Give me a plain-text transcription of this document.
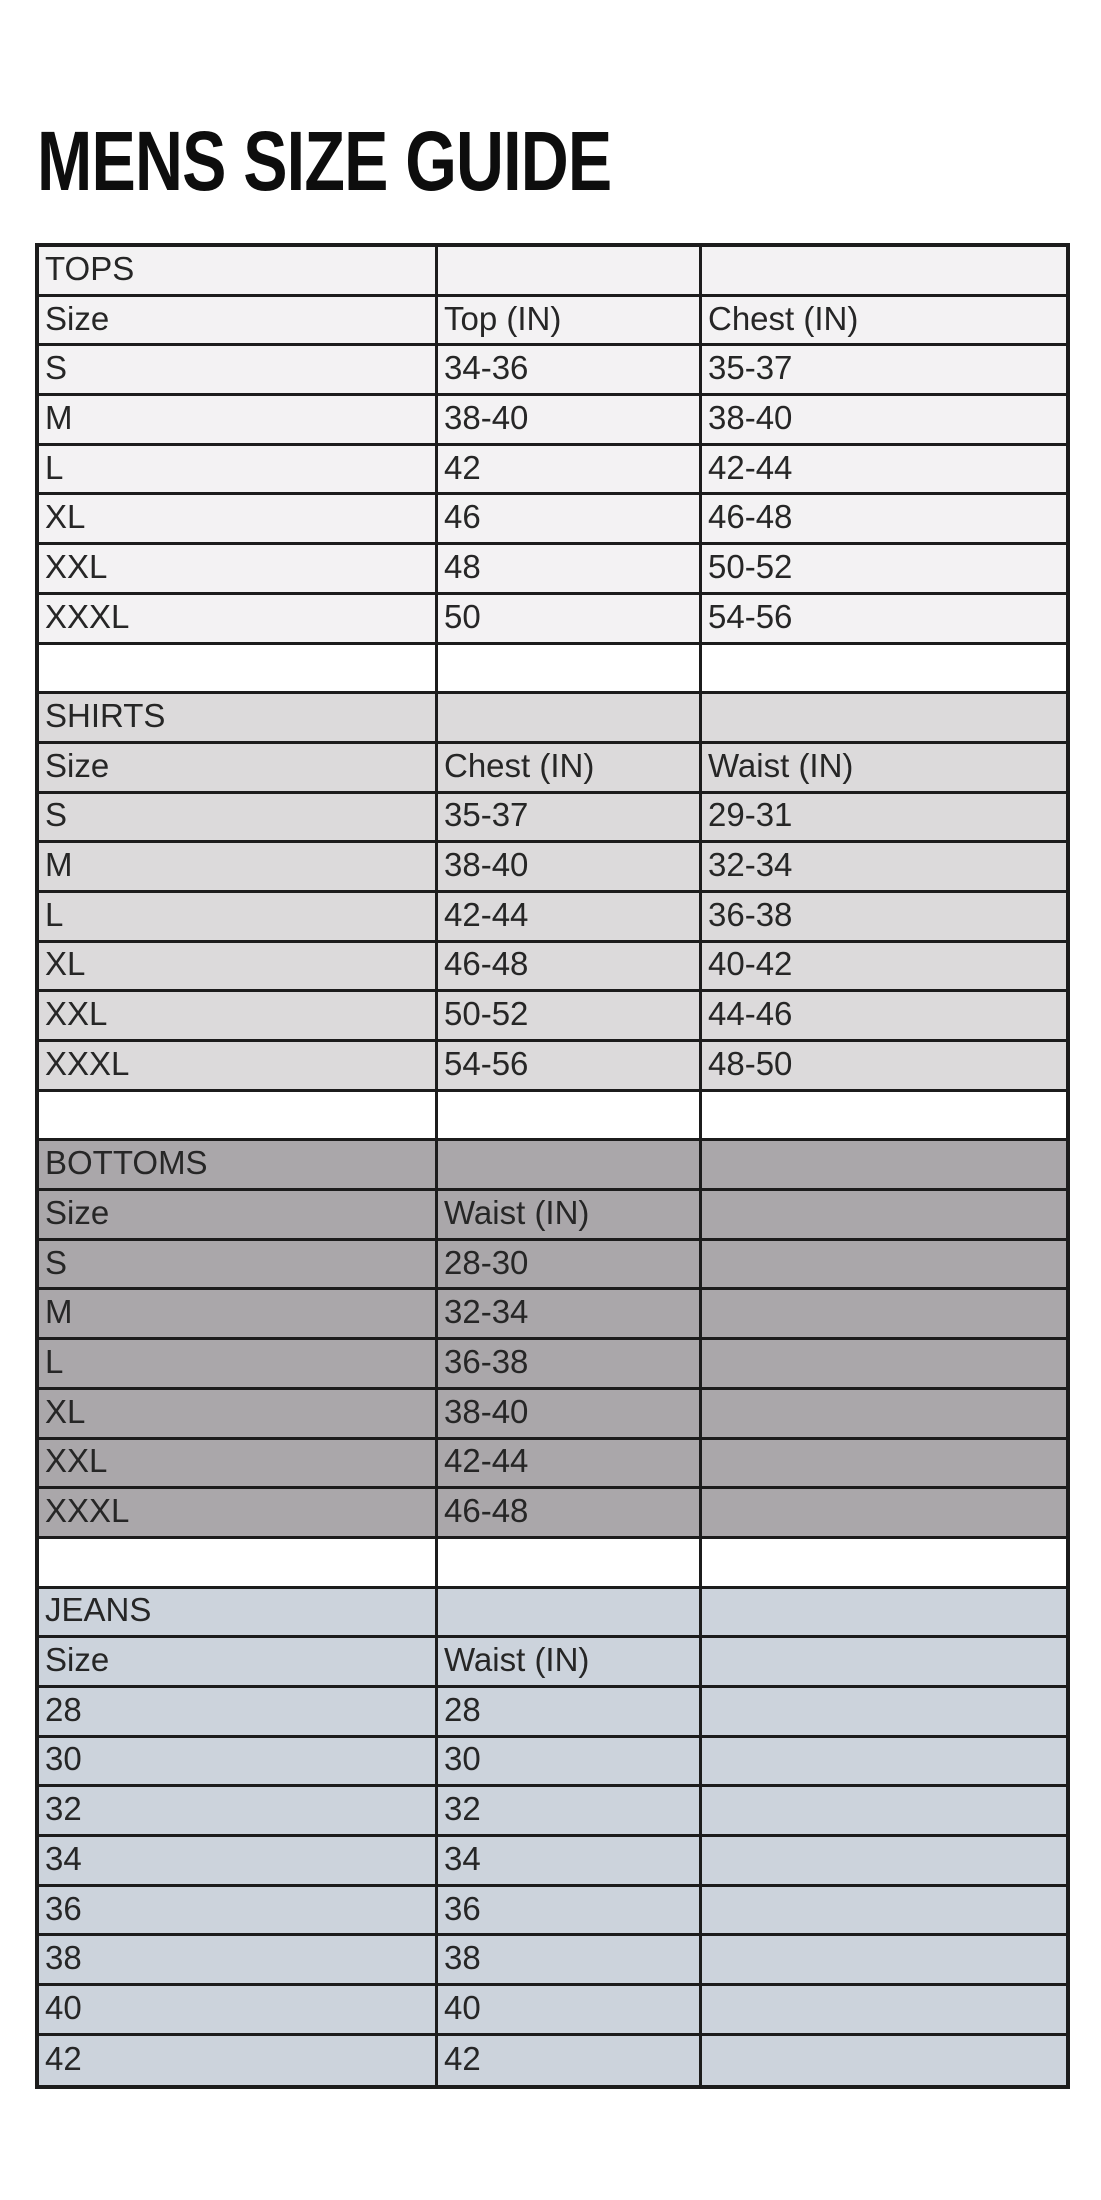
MENS SIZE GUIDE
TOPS
Size	Top (IN)	Chest (IN)
S	34-36	35-37
M	38-40	38-40
L	42	42-44
XL	46	46-48
XXL	48	50-52
XXXL	50	54-56
SHIRTS
Size	Chest (IN)	Waist (IN)
S	35-37	29-31
M	38-40	32-34
L	42-44	36-38
XL	46-48	40-42
XXL	50-52	44-46
XXXL	54-56	48-50
BOTTOMS
Size	Waist (IN)
S	28-30
M	32-34
L	36-38
XL	38-40
XXL	42-44
XXXL	46-48
JEANS
Size	Waist (IN)
28	28
30	30
32	32
34	34
36	36
38	38
40	40
42	42
